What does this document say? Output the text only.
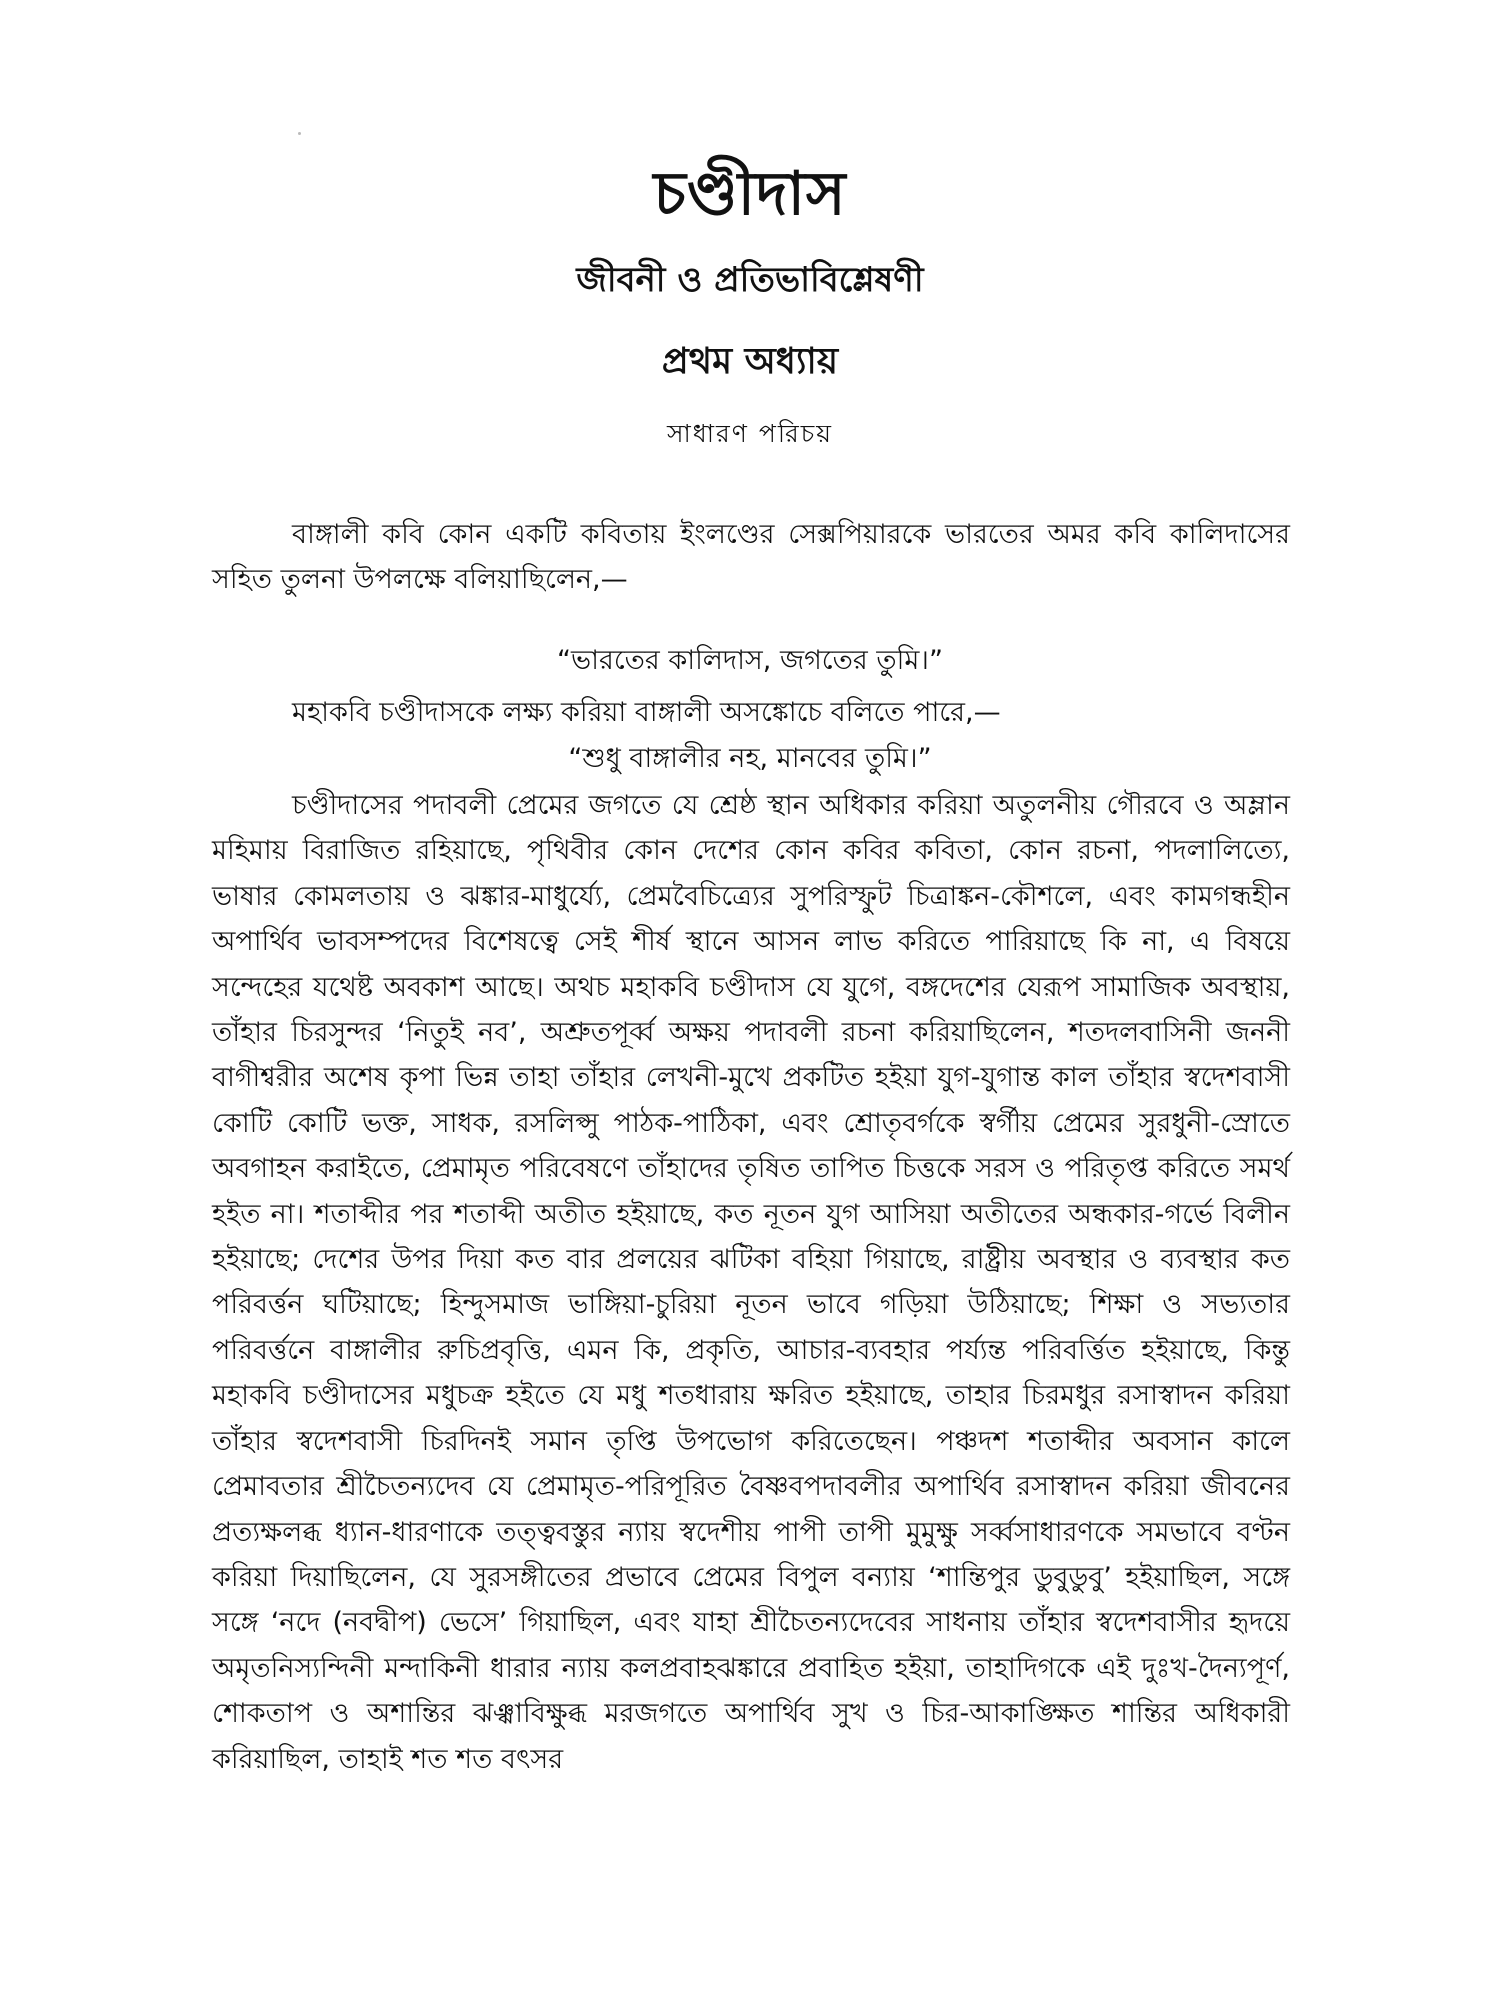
চণ্ডীদাস
জীবনী ও প্রতিভাবিশ্লেষণী
প্রথম অধ্যায়
সাধারণ পরিচয়

বাঙ্গালী কবি কোন একটি কবিতায় ইংলণ্ডের সেক্সপিয়ারকে ভারতের অমর কবি কালিদাসের সহিত তুলনা উপলক্ষে বলিয়াছিলেন,—

“ভারতের কালিদাস, জগতের তুমি।”

মহাকবি চণ্ডীদাসকে লক্ষ্য করিয়া বাঙ্গালী অসঙ্কোচে বলিতে পারে,—

“শুধু বাঙ্গালীর নহ, মানবের তুমি।”

চণ্ডীদাসের পদাবলী প্রেমের জগতে যে শ্রেষ্ঠ স্থান অধিকার করিয়া অতুলনীয় গৌরবে ও অম্লান মহিমায় বিরাজিত রহিয়াছে, পৃথিবীর কোন দেশের কোন কবির কবিতা, কোন রচনা, পদলালিত্যে, ভাষার কোমলতায় ও ঝঙ্কার-মাধুর্য্যে, প্রেমবৈচিত্র্যের সুপরিস্ফুট চিত্রাঙ্কন-কৌশলে, এবং কামগন্ধহীন অপার্থিব ভাবসম্পদের বিশেষত্বে সেই শীর্ষ স্থানে আসন লাভ করিতে পারিয়াছে কি না, এ বিষয়ে সন্দেহের যথেষ্ট অবকাশ আছে। অথচ মহাকবি চণ্ডীদাস যে যুগে, বঙ্গদেশের যেরূপ সামাজিক অবস্থায়, তাঁহার চিরসুন্দর ‘নিতুই নব’, অশ্রুতপূর্ব্ব অক্ষয় পদাবলী রচনা করিয়াছিলেন, শতদলবাসিনী জননী বাগীশ্বরীর অশেষ কৃপা ভিন্ন তাহা তাঁহার লেখনী-মুখে প্রকটিত হইয়া যুগ-যুগান্ত কাল তাঁহার স্বদেশবাসী কোটি কোটি ভক্ত, সাধক, রসলিপ্সু পাঠক-পাঠিকা, এবং শ্রোতৃবর্গকে স্বর্গীয় প্রেমের সুরধুনী-স্রোতে অবগাহন করাইতে, প্রেমামৃত পরিবেষণে তাঁহাদের তৃষিত তাপিত চিত্তকে সরস ও পরিতৃপ্ত করিতে সমর্থ হইত না। শতাব্দীর পর শতাব্দী অতীত হইয়াছে, কত নূতন যুগ আসিয়া অতীতের অন্ধকার-গর্ভে বিলীন হইয়াছে; দেশের উপর দিয়া কত বার প্রলয়ের ঝটিকা বহিয়া গিয়াছে, রাষ্ট্রীয় অবস্থার ও ব্যবস্থার কত পরিবর্ত্তন ঘটিয়াছে; হিন্দুসমাজ ভাঙ্গিয়া-চুরিয়া নূতন ভাবে গড়িয়া উঠিয়াছে; শিক্ষা ও সভ্যতার পরিবর্ত্তনে বাঙ্গালীর রুচিপ্রবৃত্তি, এমন কি, প্রকৃতি, আচার-ব্যবহার পর্য্যন্ত পরিবর্ত্তিত হইয়াছে, কিন্তু মহাকবি চণ্ডীদাসের মধুচক্র হইতে যে মধু শতধারায় ক্ষরিত হইয়াছে, তাহার চিরমধুর রসাস্বাদন করিয়া তাঁহার স্বদেশবাসী চিরদিনই সমান তৃপ্তি উপভোগ করিতেছেন। পঞ্চদশ শতাব্দীর অবসান কালে প্রেমাবতার শ্রীচৈতন্যদেব যে প্রেমামৃত-পরিপূরিত বৈষ্ণবপদাবলীর অপার্থিব রসাস্বাদন করিয়া জীবনের প্রত্যক্ষলব্ধ ধ্যান-ধারণাকে তত্ত্ববস্তুর ন্যায় স্বদেশীয় পাপী তাপী মুমুক্ষু সর্ব্বসাধারণকে সমভাবে বণ্টন করিয়া দিয়াছিলেন, যে সুরসঙ্গীতের প্রভাবে প্রেমের বিপুল বন্যায় ‘শান্তিপুর ডুবুডুবু’ হইয়াছিল, সঙ্গে সঙ্গে ‘নদে (নবদ্বীপ) ভেসে’ গিয়াছিল, এবং যাহা শ্রীচৈতন্যদেবের সাধনায় তাঁহার স্বদেশবাসীর হৃদয়ে অমৃতনিস্যন্দিনী মন্দাকিনী ধারার ন্যায় কলপ্রবাহঝঙ্কারে প্রবাহিত হইয়া, তাহাদিগকে এই দুঃখ-দৈন্যপূর্ণ, শোকতাপ ও অশান্তির ঝঞ্ঝাবিক্ষুব্ধ মরজগতে অপার্থিব সুখ ও চির-আকাঙ্ক্ষিত শান্তির অধিকারী করিয়াছিল, তাহাই শত শত বৎসর
